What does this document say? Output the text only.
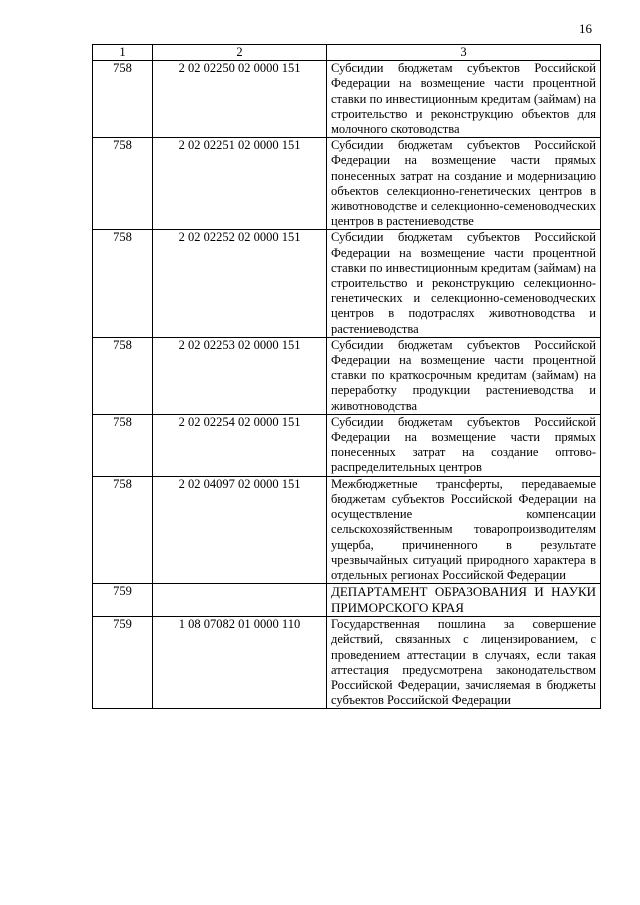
16
1	2	3
758	2 02 02250 02 0000 151	Субсидии бюджетам субъектов Российской Федерации на возмещение части процентной ставки по инвестиционным кредитам (займам) на строительство и реконструкцию объектов для молочного скотоводства
758	2 02 02251 02 0000 151	Субсидии бюджетам субъектов Российской Федерации на возмещение части прямых понесенных затрат на создание и модернизацию объектов селекционно-генетических центров в животноводстве и селекционно-семеноводческих центров в растениеводстве
758	2 02 02252 02 0000 151	Субсидии бюджетам субъектов Российской Федерации на возмещение части процентной ставки по инвестиционным кредитам (займам) на строительство и реконструкцию селекционно-генетических и селекционно-семеноводческих центров в подотраслях животноводства и растениеводства
758	2 02 02253 02 0000 151	Субсидии бюджетам субъектов Российской Федерации на возмещение части процентной ставки по краткосрочным кредитам (займам) на переработку продукции растениеводства и животноводства
758	2 02 02254 02 0000 151	Субсидии бюджетам субъектов Российской Федерации на возмещение части прямых понесенных затрат на создание оптово-распределительных центров
758	2 02 04097 02 0000 151	Межбюджетные трансферты, передаваемые бюджетам субъектов Российской Федерации на осуществление компенсации сельскохозяйственным товаропроизводителям ущерба, причиненного в результате чрезвычайных ситуаций природного характера в отдельных регионах Российской Федерации
759		ДЕПАРТАМЕНТ ОБРАЗОВАНИЯ И НАУКИ ПРИМОРСКОГО КРАЯ
759	1 08 07082 01 0000 110	Государственная пошлина за совершение действий, связанных с лицензированием, с проведением аттестации в случаях, если такая аттестация предусмотрена законодательством Российской Федерации, зачисляемая в бюджеты субъектов Российской Федерации
